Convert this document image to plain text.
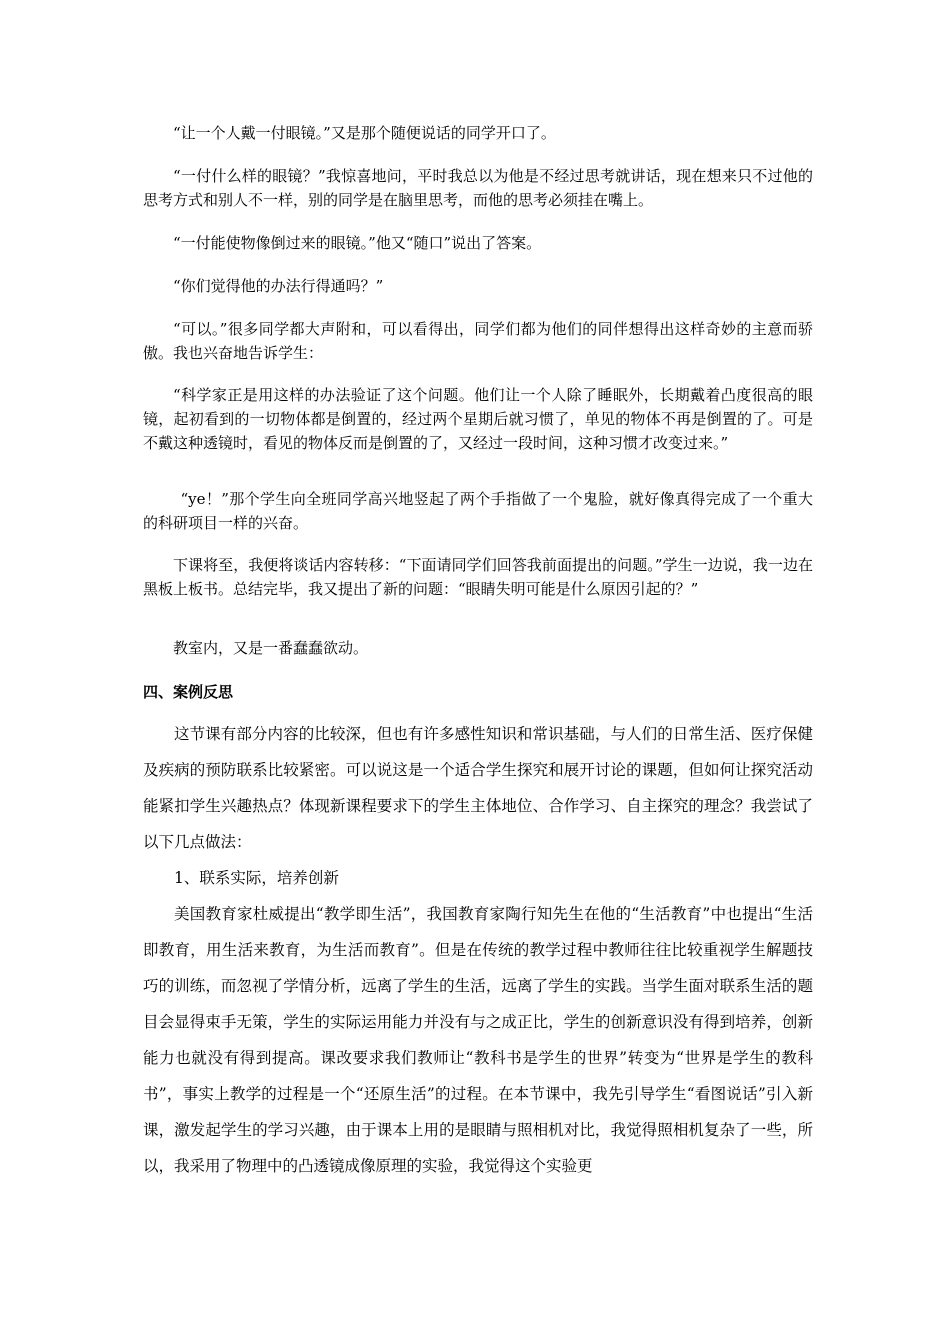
“让一个人戴一付眼镜。”又是那个随便说话的同学开口了。

“一付什么样的眼镜？”我惊喜地问，平时我总以为他是不经过思考就讲话，现在想来只不过他的思考方式和别人不一样，别的同学是在脑里思考，而他的思考必须挂在嘴上。

“一付能使物像倒过来的眼镜。”他又“随口”说出了答案。

“你们觉得他的办法行得通吗？”

“可以。”很多同学都大声附和，可以看得出，同学们都为他们的同伴想得出这样奇妙的主意而骄傲。我也兴奋地告诉学生：

“科学家正是用这样的办法验证了这个问题。他们让一个人除了睡眠外，长期戴着凸度很高的眼镜，起初看到的一切物体都是倒置的，经过两个星期后就习惯了，单见的物体不再是倒置的了。可是不戴这种透镜时，看见的物体反而是倒置的了，又经过一段时间，这种习惯才改变过来。”

“ye！”那个学生向全班同学高兴地竖起了两个手指做了一个鬼脸，就好像真得完成了一个重大的科研项目一样的兴奋。

下课将至，我便将谈话内容转移：“下面请同学们回答我前面提出的问题。”学生一边说，我一边在黑板上板书。总结完毕，我又提出了新的问题：“眼睛失明可能是什么原因引起的？”

教室内，又是一番蠢蠢欲动。

四、案例反思

这节课有部分内容的比较深，但也有许多感性知识和常识基础，与人们的日常生活、医疗保健及疾病的预防联系比较紧密。可以说这是一个适合学生探究和展开讨论的课题，但如何让探究活动能紧扣学生兴趣热点？体现新课程要求下的学生主体地位、合作学习、自主探究的理念？我尝试了以下几点做法：

1、联系实际，培养创新

美国教育家杜威提出“教学即生活”，我国教育家陶行知先生在他的“生活教育”中也提出“生活即教育，用生活来教育，为生活而教育”。但是在传统的教学过程中教师往往比较重视学生解题技巧的训练，而忽视了学情分析，远离了学生的生活，远离了学生的实践。当学生面对联系生活的题目会显得束手无策，学生的实际运用能力并没有与之成正比，学生的创新意识没有得到培养，创新能力也就没有得到提高。课改要求我们教师让“教科书是学生的世界”转变为“世界是学生的教科书”，事实上教学的过程是一个“还原生活”的过程。在本节课中，我先引导学生“看图说话”引入新课，激发起学生的学习兴趣，由于课本上用的是眼睛与照相机对比，我觉得照相机复杂了一些，所以，我采用了物理中的凸透镜成像原理的实验，我觉得这个实验更
